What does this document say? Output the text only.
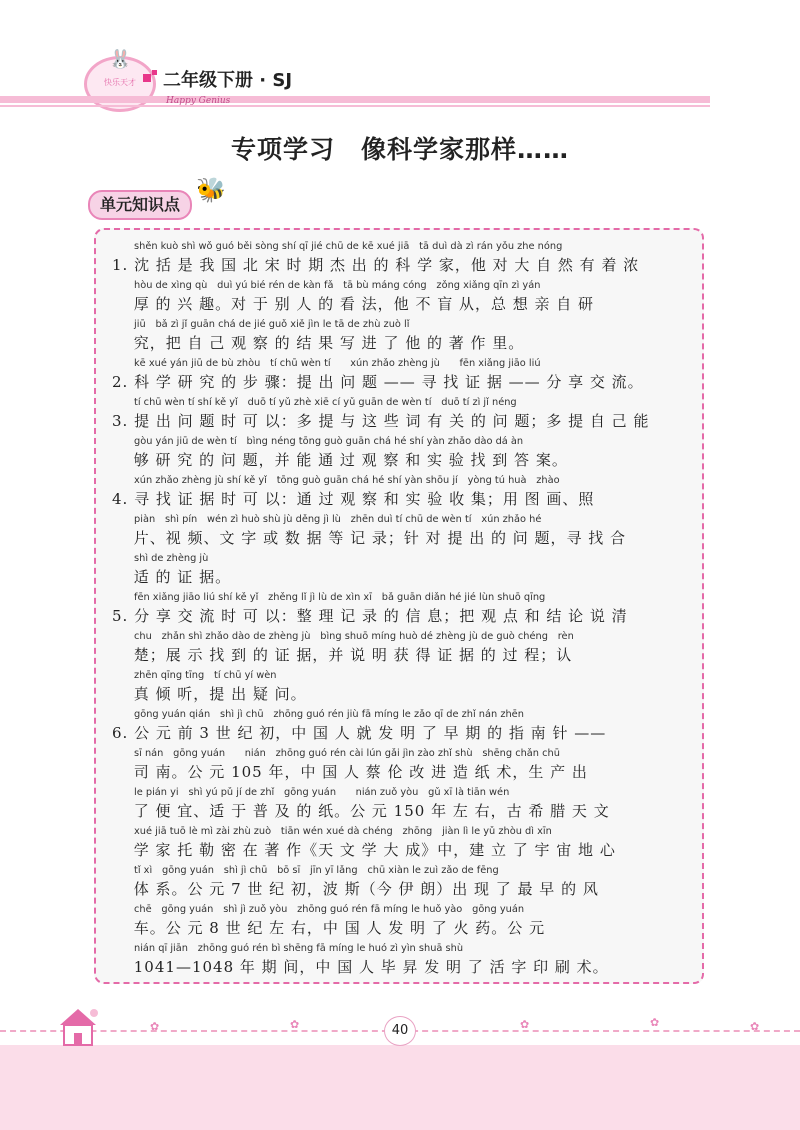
🐰
快乐天才	二年级下册 · SJ
Happy Genius
专项学习　像科学家那样……
单元知识点
🐝
shěn kuò shì wǒ guó běi sòng shí qī jié chū de kē xué jiā　tā duì dà zì rán yǒu zhe nóng
1. 沈 括 是 我 国 北 宋 时 期 杰 出 的 科 学 家，他 对 大 自 然 有 着 浓
hòu de xìng qù　duì yú bié rén de kàn fǎ　tā bù máng cóng　zǒng xiǎng qīn zì yán
　 厚 的 兴 趣。对 于 别 人 的 看 法，他 不 盲 从，总 想 亲 自 研
jiū　bǎ zì jǐ guān chá de jié guǒ xiě jìn le tā de zhù zuò lǐ
　 究，把 自 己 观 察 的 结 果 写 进 了 他 的 著 作 里。
kē xué yán jiū de bù zhòu　tí chū wèn tí　　xún zhǎo zhèng jù　　fēn xiǎng jiāo liú
2. 科 学 研 究 的 步 骤：提 出 问 题 —— 寻 找 证 据 —— 分 享 交 流。
tí chū wèn tí shí kě yǐ　duō tí yǔ zhè xiē cí yǔ guān de wèn tí　duō tí zì jǐ néng
3. 提 出 问 题 时 可 以：多 提 与 这 些 词 有 关 的 问 题；多 提 自 己 能
gòu yán jiū de wèn tí　bìng néng tōng guò guān chá hé shí yàn zhǎo dào dá àn
　 够 研 究 的 问 题，并 能 通 过 观 察 和 实 验 找 到 答 案。
xún zhǎo zhèng jù shí kě yǐ　tōng guò guān chá hé shí yàn shōu jí　yòng tú huà　zhào
4. 寻 找 证 据 时 可 以：通 过 观 察 和 实 验 收 集；用 图 画、照
piàn　shì pín　wén zì huò shù jù děng jì lù　zhēn duì tí chū de wèn tí　xún zhǎo hé
　 片、视 频、文 字 或 数 据 等 记 录；针 对 提 出 的 问 题，寻 找 合
shì de zhèng jù
　 适 的 证 据。
fēn xiǎng jiāo liú shí kě yǐ　zhěng lǐ jì lù de xìn xī　bǎ guān diǎn hé jié lùn shuō qīng
5. 分 享 交 流 时 可 以：整 理 记 录 的 信 息；把 观 点 和 结 论 说 清
chu　zhǎn shì zhǎo dào de zhèng jù　bìng shuō míng huò dé zhèng jù de guò chéng　rèn
　 楚；展 示 找 到 的 证 据，并 说 明 获 得 证 据 的 过 程；认
zhēn qīng tīng　tí chū yí wèn
　 真 倾 听，提 出 疑 问。
gōng yuán qián　shì jì chū　zhōng guó rén jiù fā míng le zǎo qī de zhǐ nán zhēn
6. 公 元 前 3 世 纪 初，中 国 人 就 发 明 了 早 期 的 指 南 针 ——
sī nán　gōng yuán　　nián　zhōng guó rén cài lún gǎi jìn zào zhǐ shù　shēng chǎn chū
　 司 南。公 元 105 年，中 国 人 蔡 伦 改 进 造 纸 术，生 产 出
le pián yi　shì yú pǔ jí de zhǐ　gōng yuán　　nián zuǒ yòu　gǔ xī là tiān wén
　 了 便 宜、适 于 普 及 的 纸。公 元 150 年 左 右，古 希 腊 天 文
xué jiā tuō lè mì zài zhù zuò　tiān wén xué dà chéng　zhōng　jiàn lì le yǔ zhòu dì xīn
　 学 家 托 勒 密 在 著 作《天 文 学 大 成》中，建 立 了 宇 宙 地 心
tǐ xì　gōng yuán　shì jì chū　bō sī　jīn yī lǎng　chū xiàn le zuì zǎo de fēng
　 体 系。公 元 7 世 纪 初，波 斯（今 伊 朗）出 现 了 最 早 的 风
chē　gōng yuán　shì jì zuǒ yòu　zhōng guó rén fā míng le huǒ yào　gōng yuán
　 车。公 元 8 世 纪 左 右，中 国 人 发 明 了 火 药。公 元
nián qī jiān　zhōng guó rén bì shēng fā míng le huó zì yìn shuā shù
　 1041—1048 年 期 间，中 国 人 毕 昇 发 明 了 活 字 印 刷 术。
✿	✿	✿	✿	✿
40
